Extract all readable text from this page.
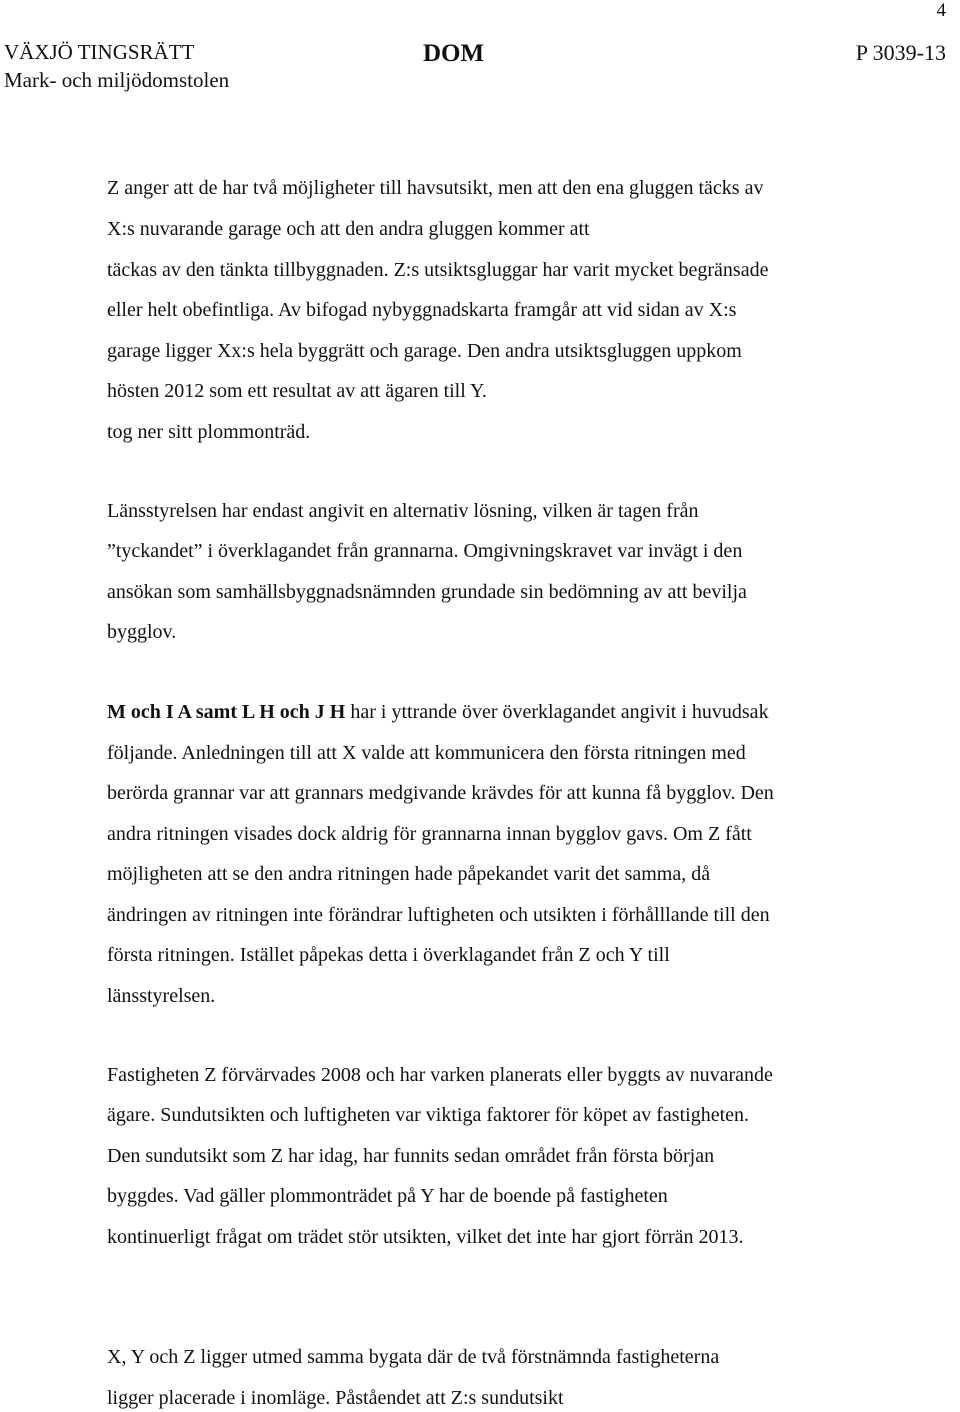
4
VÄXJÖ TINGSRÄTT
Mark- och miljödomstolen
DOM	P 3039-13
Z anger att de har två möjligheter till havsutsikt, men att den ena gluggen täcks av
X:s nuvarande garage och att den andra gluggen kommer att
täckas av den tänkta tillbyggnaden. Z:s utsiktsgluggar har varit mycket begränsade
eller helt obefintliga. Av bifogad nybyggnadskarta framgår att vid sidan av X:s
garage ligger Xx:s hela byggrätt och garage. Den andra utsiktsgluggen uppkom
hösten 2012 som ett resultat av att ägaren till Y.
tog ner sitt plommonträd.
Länsstyrelsen har endast angivit en alternativ lösning, vilken är tagen från
”tyckandet” i överklagandet från grannarna. Omgivningskravet var invägt i den
ansökan som samhällsbyggnadsnämnden grundade sin bedömning av att bevilja
bygglov.
M och I A samt L H och J H har i yttrande över överklagandet angivit i huvudsak
följande. Anledningen till att X valde att kommunicera den första ritningen med
berörda grannar var att grannars medgivande krävdes för att kunna få bygglov. Den
andra ritningen visades dock aldrig för grannarna innan bygglov gavs. Om Z fått
möjligheten att se den andra ritningen hade påpekandet varit det samma, då
ändringen av ritningen inte förändrar luftigheten och utsikten i förhålllande till den
första ritningen. Istället påpekas detta i överklagandet från Z och Y till
länsstyrelsen.
Fastigheten Z förvärvades 2008 och har varken planerats eller byggts av nuvarande
ägare. Sundutsikten och luftigheten var viktiga faktorer för köpet av fastigheten.
Den sundutsikt som Z har idag, har funnits sedan området från första början
byggdes. Vad gäller plommonträdet på Y har de boende på fastigheten
kontinuerligt frågat om trädet stör utsikten, vilket det inte har gjort förrän 2013.
X, Y och Z ligger utmed samma bygata där de två förstnämnda fastigheterna
ligger placerade i inomläge. Påståendet att Z:s sundutsikt
